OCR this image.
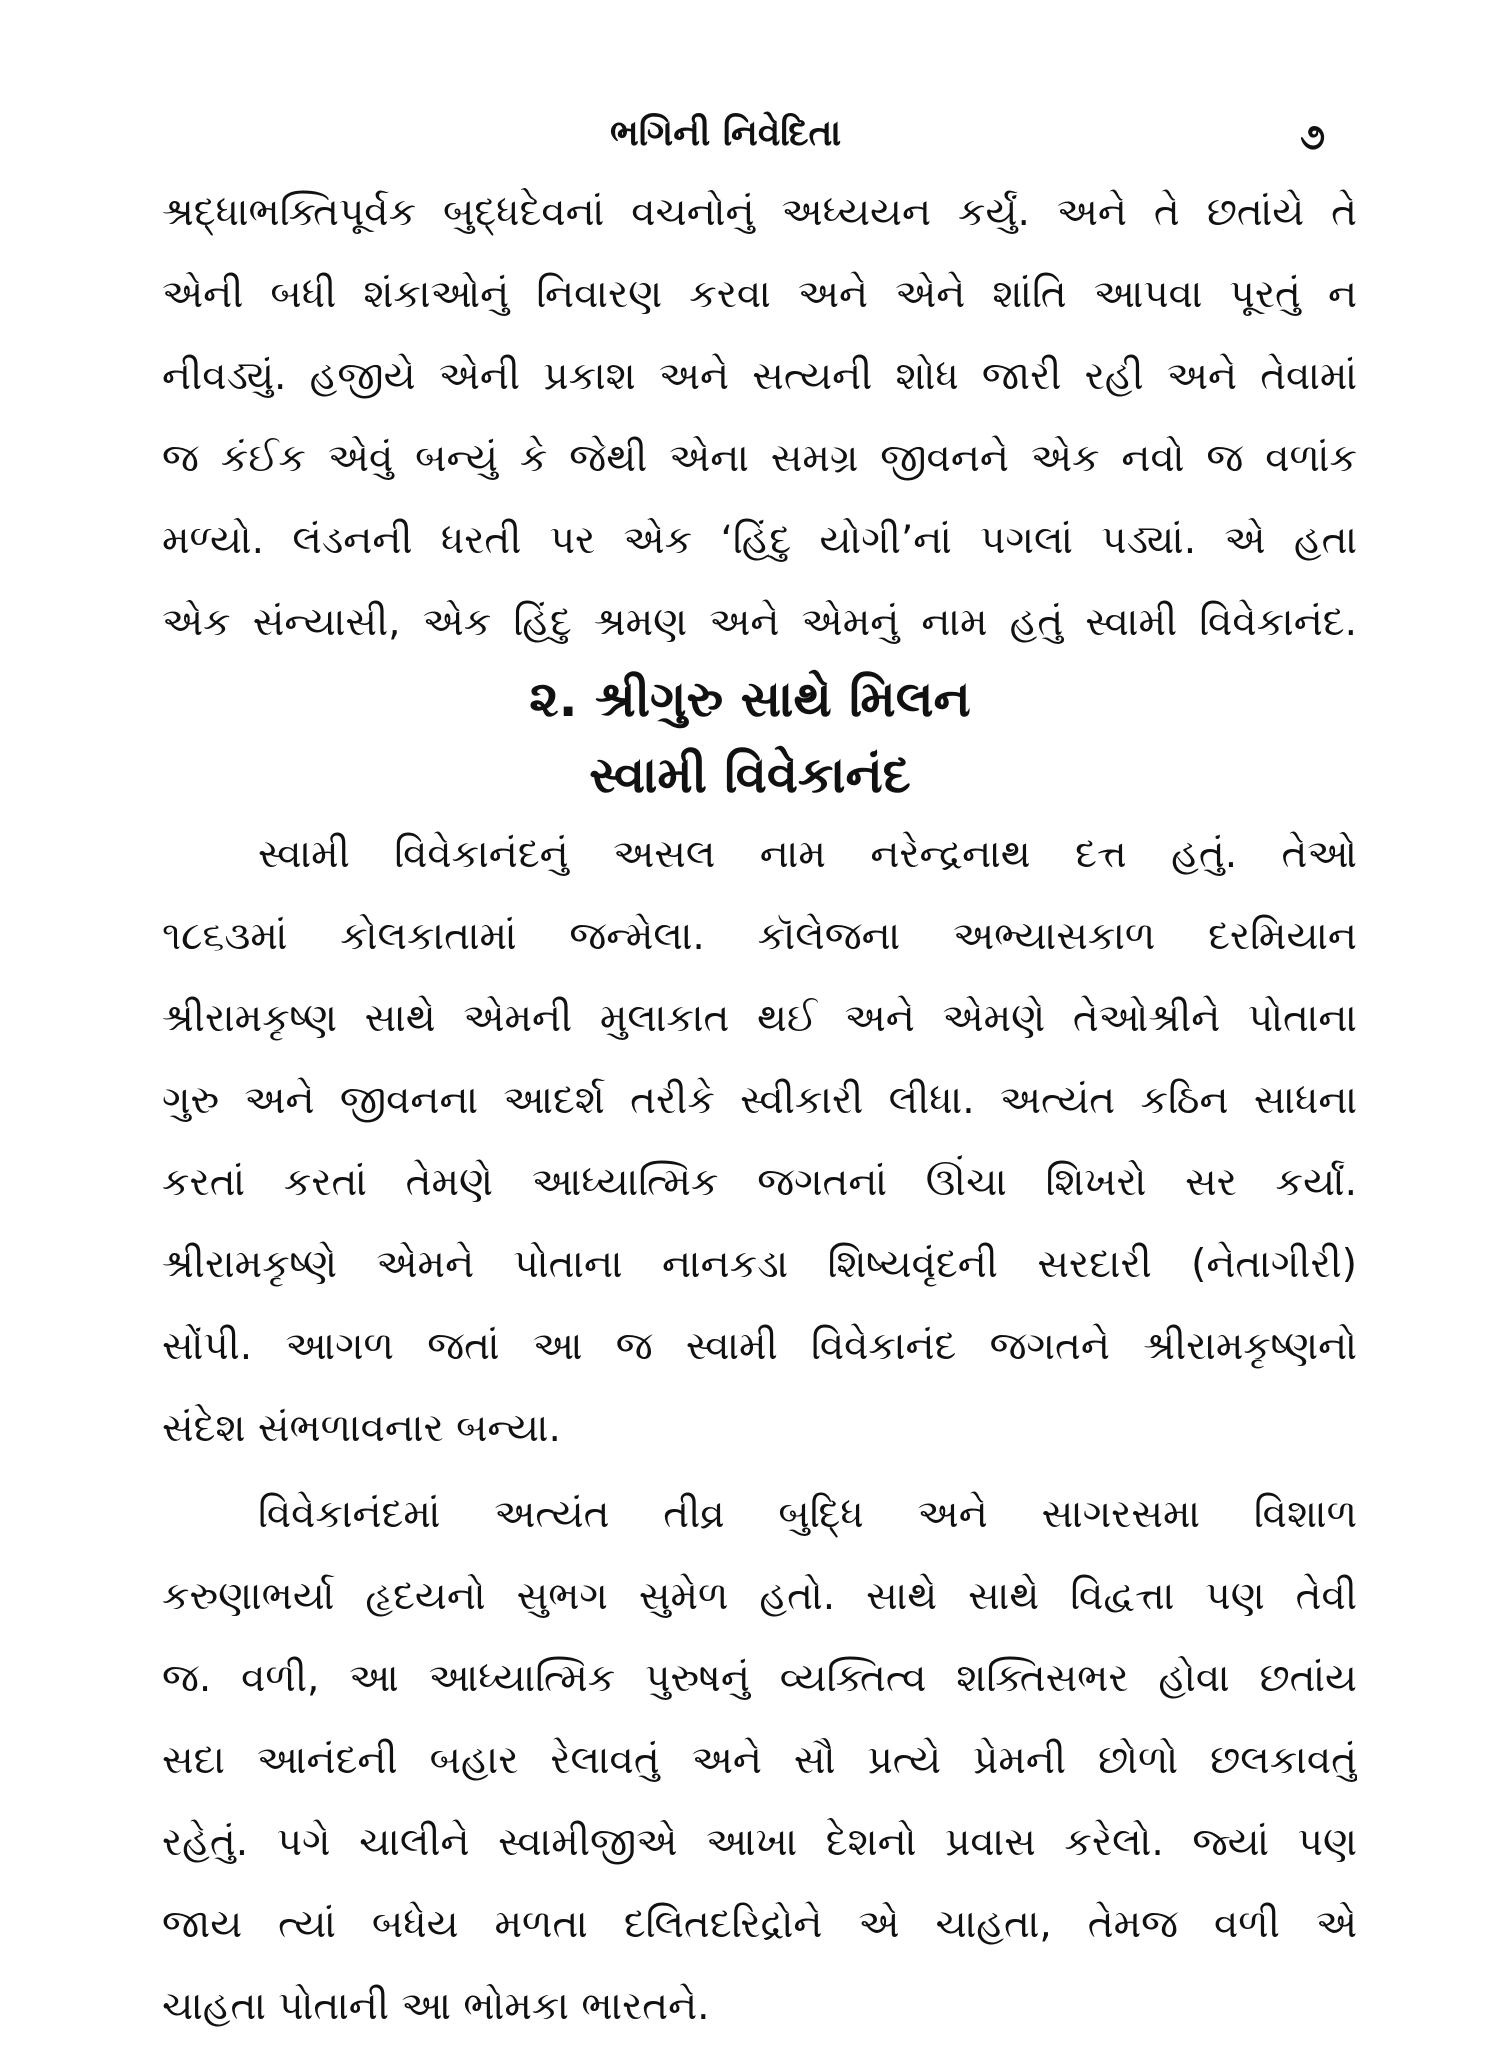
ભગિની નિવેદિતા	૭
શ્રદ્ધાભક્તિપૂર્વક બુદ્ધદેવનાં વચનોનું અધ્યયન કર્યું. અને તે છતાંયે તે
એની બધી શંકાઓનું નિવારણ કરવા અને એને શાંતિ આપવા પૂરતું ન
નીવડ્યું. હજીયે એની પ્રકાશ અને સત્યની શોધ જારી રહી અને તેવામાં
જ કંઈક એવું બન્યું કે જેથી એના સમગ્ર જીવનને એક નવો જ વળાંક
મળ્યો. લંડનની ધરતી પર એક ‘હિંદુ યોગી’નાં પગલાં પડ્યાં. એ હતા
એક સંન્યાસી, એક હિંદુ શ્રમણ અને એમનું નામ હતું સ્વામી વિવેકાનંદ.
૨. શ્રીગુરુ સાથે મિલન
સ્વામી વિવેકાનંદ
સ્વામી વિવેકાનંદનું અસલ નામ નરેન્દ્રનાથ દત્ત હતું. તેઓ
૧૮૬૩માં કોલકાતામાં જન્મેલા. કૉલેજના અભ્યાસકાળ દરમિયાન
શ્રીરામકૃષ્ણ સાથે એમની મુલાકાત થઈ અને એમણે તેઓશ્રીને પોતાના
ગુરુ અને જીવનના આદર્શ તરીકે સ્વીકારી લીધા. અત્યંત કઠિન સાધના
કરતાં કરતાં તેમણે આધ્યાત્મિક જગતનાં ઊંચા શિખરો સર કર્યાં.
શ્રીરામકૃષ્ણે એમને પોતાના નાનકડા શિષ્યવૃંદની સરદારી (નેતાગીરી)
સોંપી. આગળ જતાં આ જ સ્વામી વિવેકાનંદ જગતને શ્રીરામકૃષ્ણનો
સંદેશ સંભળાવનાર બન્યા.
વિવેકાનંદમાં અત્યંત તીવ્ર બુદ્ધિ અને સાગરસમા વિશાળ
કરુણાભર્યા હૃદયનો સુભગ સુમેળ હતો. સાથે સાથે વિદ્વત્તા પણ તેવી
જ. વળી, આ આધ્યાત્મિક પુરુષનું વ્યક્તિત્વ શક્તિસભર હોવા છતાંય
સદા આનંદની બહાર રેલાવતું અને સૌ પ્રત્યે પ્રેમની છોળો છલકાવતું
રહેતું. પગે ચાલીને સ્વામીજીએ આખા દેશનો પ્રવાસ કરેલો. જ્યાં પણ
જાય ત્યાં બધેય મળતા દલિતદરિદ્રોને એ ચાહતા, તેમજ વળી એ
ચાહતા પોતાની આ ભોમકા ભારતને.
